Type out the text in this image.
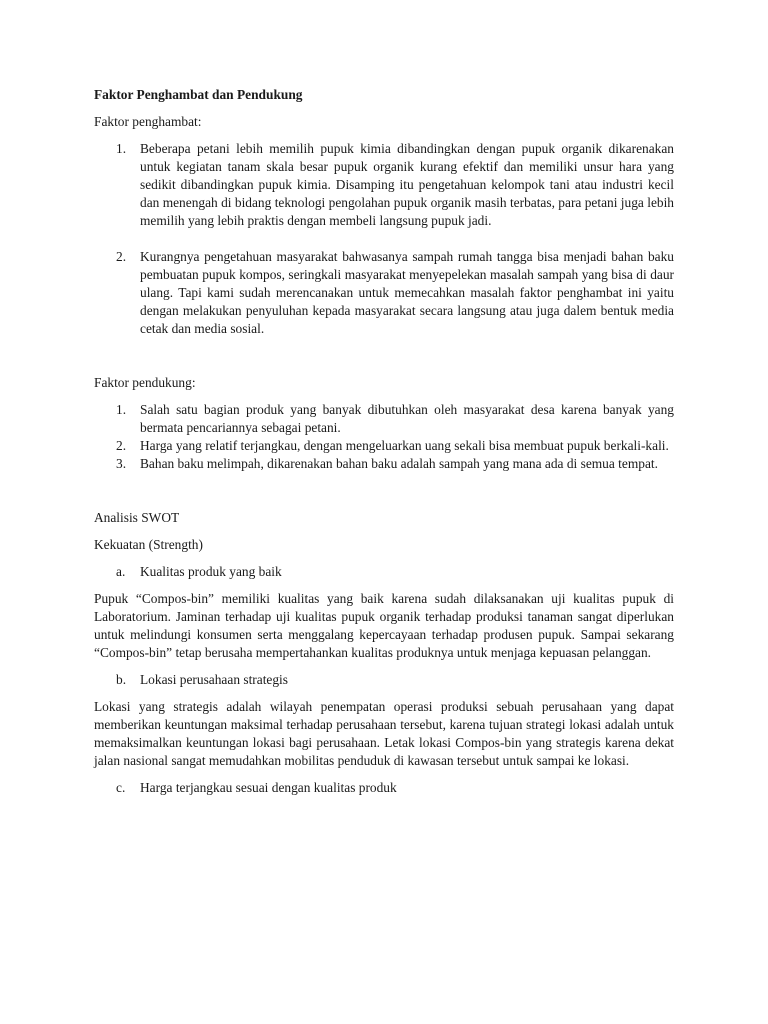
Faktor Penghambat dan Pendukung

Faktor penghambat:

1. Beberapa petani lebih memilih pupuk kimia dibandingkan dengan pupuk organik dikarenakan untuk kegiatan tanam skala besar pupuk organik kurang efektif dan memiliki unsur hara yang sedikit dibandingkan pupuk kimia. Disamping itu pengetahuan kelompok tani atau industri kecil dan menengah di bidang teknologi pengolahan pupuk organik masih terbatas, para petani juga lebih memilih yang lebih praktis dengan membeli langsung pupuk jadi.
2. Kurangnya pengetahuan masyarakat bahwasanya sampah rumah tangga bisa menjadi bahan baku pembuatan pupuk kompos, seringkali masyarakat menyepelekan masalah sampah yang bisa di daur ulang. Tapi kami sudah merencanakan untuk memecahkan masalah faktor penghambat ini yaitu dengan melakukan penyuluhan kepada masyarakat secara langsung atau juga dalem bentuk media cetak dan media sosial.

Faktor pendukung:

1. Salah satu bagian produk yang banyak dibutuhkan oleh masyarakat desa karena banyak yang bermata pencariannya sebagai petani.
2. Harga yang relatif terjangkau, dengan mengeluarkan uang sekali bisa membuat pupuk berkali-kali.
3. Bahan baku melimpah, dikarenakan bahan baku adalah sampah yang mana ada di semua tempat.

Analisis SWOT

Kekuatan (Strength)

a. Kualitas produk yang baik

Pupuk “Compos-bin” memiliki kualitas yang baik karena sudah dilaksanakan uji kualitas pupuk di Laboratorium. Jaminan terhadap uji kualitas pupuk organik terhadap produksi tanaman sangat diperlukan untuk melindungi konsumen serta menggalang kepercayaan terhadap produsen pupuk. Sampai sekarang “Compos-bin” tetap berusaha mempertahankan kualitas produknya untuk menjaga kepuasan pelanggan.

b. Lokasi perusahaan strategis

Lokasi yang strategis adalah wilayah penempatan operasi produksi sebuah perusahaan yang dapat memberikan keuntungan maksimal terhadap perusahaan tersebut, karena tujuan strategi lokasi adalah untuk memaksimalkan keuntungan lokasi bagi perusahaan. Letak lokasi Compos-bin yang strategis karena dekat jalan nasional sangat memudahkan mobilitas penduduk di kawasan tersebut untuk sampai ke lokasi.

c. Harga terjangkau sesuai dengan kualitas produk
